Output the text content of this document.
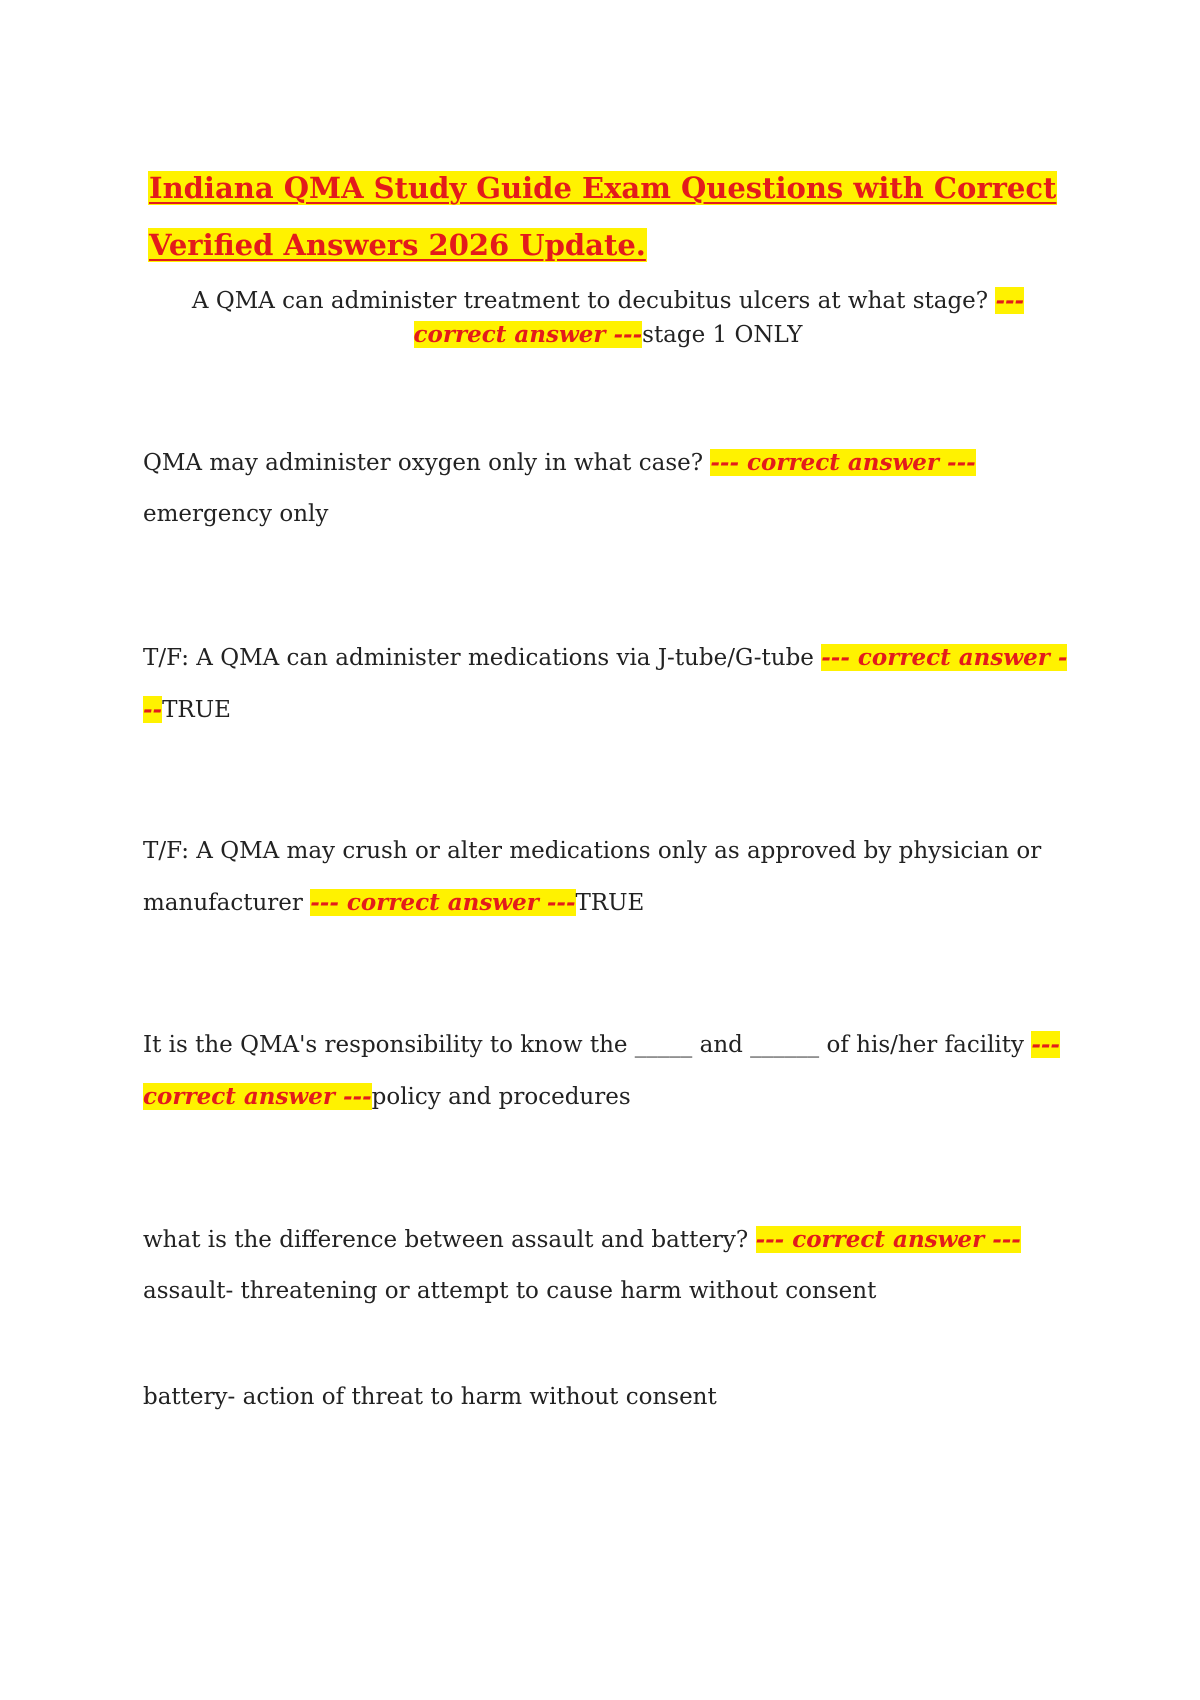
Indiana QMA Study Guide Exam Questions with Correct Verified Answers 2026 Update.

A QMA can administer treatment to decubitus ulcers at what stage? --- correct answer ---stage 1 ONLY

QMA may administer oxygen only in what case? --- correct answer ---emergency only

T/F: A QMA can administer medications via J-tube/G-tube --- correct answer ---TRUE

T/F: A QMA may crush or alter medications only as approved by physician or manufacturer --- correct answer ---TRUE

It is the QMA's responsibility to know the _____ and ______ of his/her facility --- correct answer ---policy and procedures

what is the difference between assault and battery? --- correct answer ---assault- threatening or attempt to cause harm without consent

battery- action of threat to harm without consent
